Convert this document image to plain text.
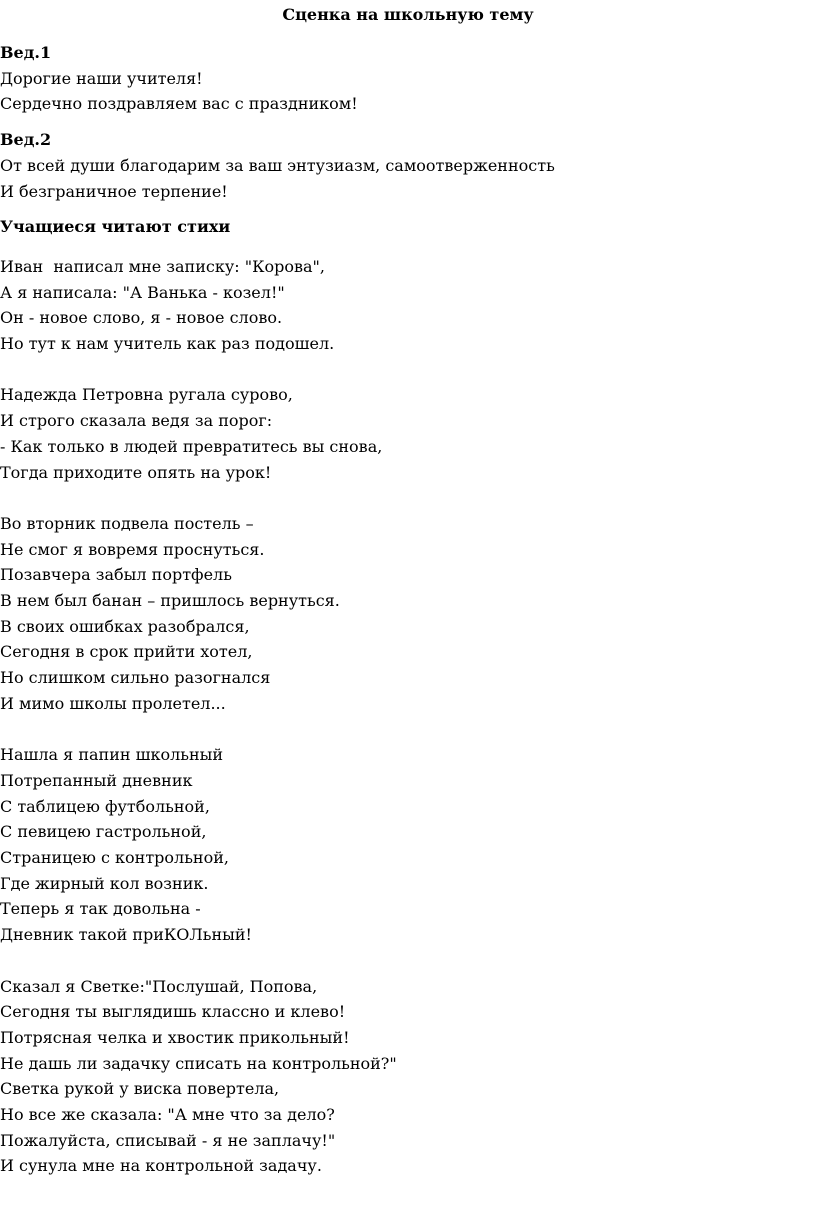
Сценка на школьную тему

Вед.1

Дорогие наши учителя!

Сердечно поздравляем вас с праздником!

Вед.2

От всей души благодарим за ваш энтузиазм, самоотверженность

И безграничное терпение!

Учащиеся читают стихи

Иван  написал мне записку: "Корова",

А я написала: "А Ванька - козел!"

Он - новое слово, я - новое слово.

Но тут к нам учитель как раз подошел.

Надежда Петровна ругала сурово,

И строго сказала ведя за порог:

- Как только в людей превратитесь вы снова,

Тогда приходите опять на урок!

Во вторник подвела постель –

Не смог я вовремя проснуться.

Позавчера забыл портфель

В нем был банан – пришлось вернуться.

В своих ошибках разобрался,

Сегодня в срок прийти хотел,

Но слишком сильно разогнался

И мимо школы пролетел...

Нашла я папин школьный

Потрепанный дневник

С таблицею футбольной,

С певицею гастрольной,

Страницею с контрольной,

Где жирный кол возник.

Теперь я так довольна -

Дневник такой приКОЛьный!

Сказал я Светке:"Послушай, Попова,

Сегодня ты выглядишь классно и клево!

Потрясная челка и хвостик прикольный!

Не дашь ли задачку списать на контрольной?"

Светка рукой у виска повертела,

Но все же сказала: "А мне что за дело?

Пожалуйста, списывай - я не заплачу!"

И сунула мне на контрольной задачу.
